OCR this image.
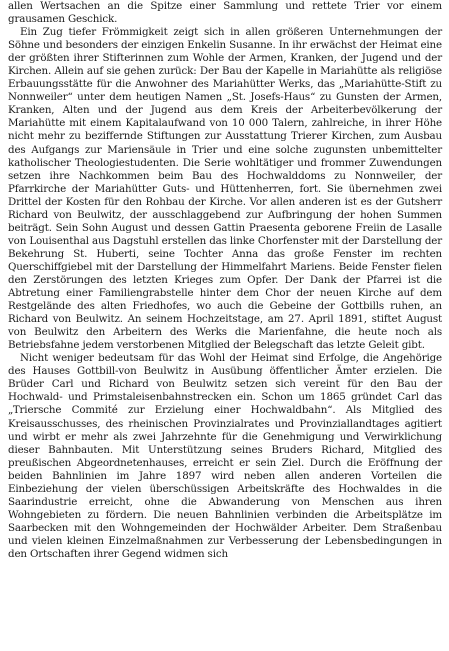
allen Wertsachen an die Spitze einer Sammlung und rettete Trier vor einem grausamen Geschick.

Ein Zug tiefer Frömmigkeit zeigt sich in allen größeren Unternehmungen der Söhne und besonders der einzigen Enkelin Susanne. In ihr erwächst der Heimat eine der größten ihrer Stifterinnen zum Wohle der Armen, Kranken, der Jugend und der Kirchen. Allein auf sie gehen zurück: Der Bau der Kapelle in Mariahütte als religiöse Erbauungsstätte für die Anwohner des Mariahütter Werks, das „Mariahütte-Stift zu Nonnweiler“ unter dem heutigen Namen „St. Josefs-Haus“ zu Gunsten der Armen, Kranken, Alten und der Jugend aus dem Kreis der Arbeiterbevölkerung der Mariahütte mit einem Kapitalaufwand von 10 000 Talern, zahlreiche, in ihrer Höhe nicht mehr zu beziffernde Stiftungen zur Ausstattung Trierer Kirchen, zum Ausbau des Aufgangs zur Mariensäule in Trier und eine solche zugunsten unbemittelter katholischer Theologiestudenten. Die Serie wohltätiger und frommer Zuwendungen setzen ihre Nachkommen beim Bau des Hochwalddoms zu Nonnweiler, der Pfarrkirche der Mariahütter Guts- und Hüttenherren, fort. Sie übernehmen zwei Drittel der Kosten für den Rohbau der Kirche. Vor allen anderen ist es der Gutsherr Richard von Beulwitz, der ausschlaggebend zur Aufbringung der hohen Summen beiträgt. Sein Sohn August und dessen Gattin Praesenta geborene Freiin de Lasalle von Louisenthal aus Dagstuhl erstellen das linke Chorfenster mit der Darstellung der Bekehrung St. Huberti, seine Tochter Anna das große Fenster im rechten Querschiffgiebel mit der Darstellung der Himmelfahrt Mariens. Beide Fenster fielen den Zerstörungen des letzten Krieges zum Opfer. Der Dank der Pfarrei ist die Abtretung einer Familiengrabstelle hinter dem Chor der neuen Kirche auf dem Restgelände des alten Friedhofes, wo auch die Gebeine der Gottbills ruhen, an Richard von Beulwitz. An seinem Hochzeitstage, am 27. April 1891, stiftet August von Beulwitz den Arbeitern des Werks die Marienfahne, die heute noch als Betriebsfahne jedem verstorbenen Mitglied der Belegschaft das letzte Geleit gibt.

Nicht weniger bedeutsam für das Wohl der Heimat sind Erfolge, die Angehörige des Hauses Gottbill-von Beulwitz in Ausübung öffentlicher Ämter erzielen. Die Brüder Carl und Richard von Beulwitz setzen sich vereint für den Bau der Hochwald- und Primstaleisenbahnstrecken ein. Schon um 1865 gründet Carl das „Triersche Commité zur Erzielung einer Hochwaldbahn“. Als Mitglied des Kreisausschusses, des rheinischen Provinzialrates und Provinziallandtages agitiert und wirbt er mehr als zwei Jahrzehnte für die Genehmigung und Verwirklichung dieser Bahnbauten. Mit Unterstützung seines Bruders Richard, Mitglied des preußischen Abgeordnetenhauses, erreicht er sein Ziel. Durch die Eröffnung der beiden Bahnlinien im Jahre 1897 wird neben allen anderen Vorteilen die Einbeziehung der vielen überschüssigen Arbeitskräfte des Hochwaldes in die Saarindustrie erreicht, ohne die Abwanderung von Menschen aus ihren Wohngebieten zu fördern. Die neuen Bahnlinien verbinden die Arbeitsplätze im Saarbecken mit den Wohngemeinden der Hochwälder Arbeiter. Dem Straßenbau und vielen kleinen Einzelmaßnahmen zur Verbesserung der Lebensbedingungen in den Ortschaften ihrer Gegend widmen sich
